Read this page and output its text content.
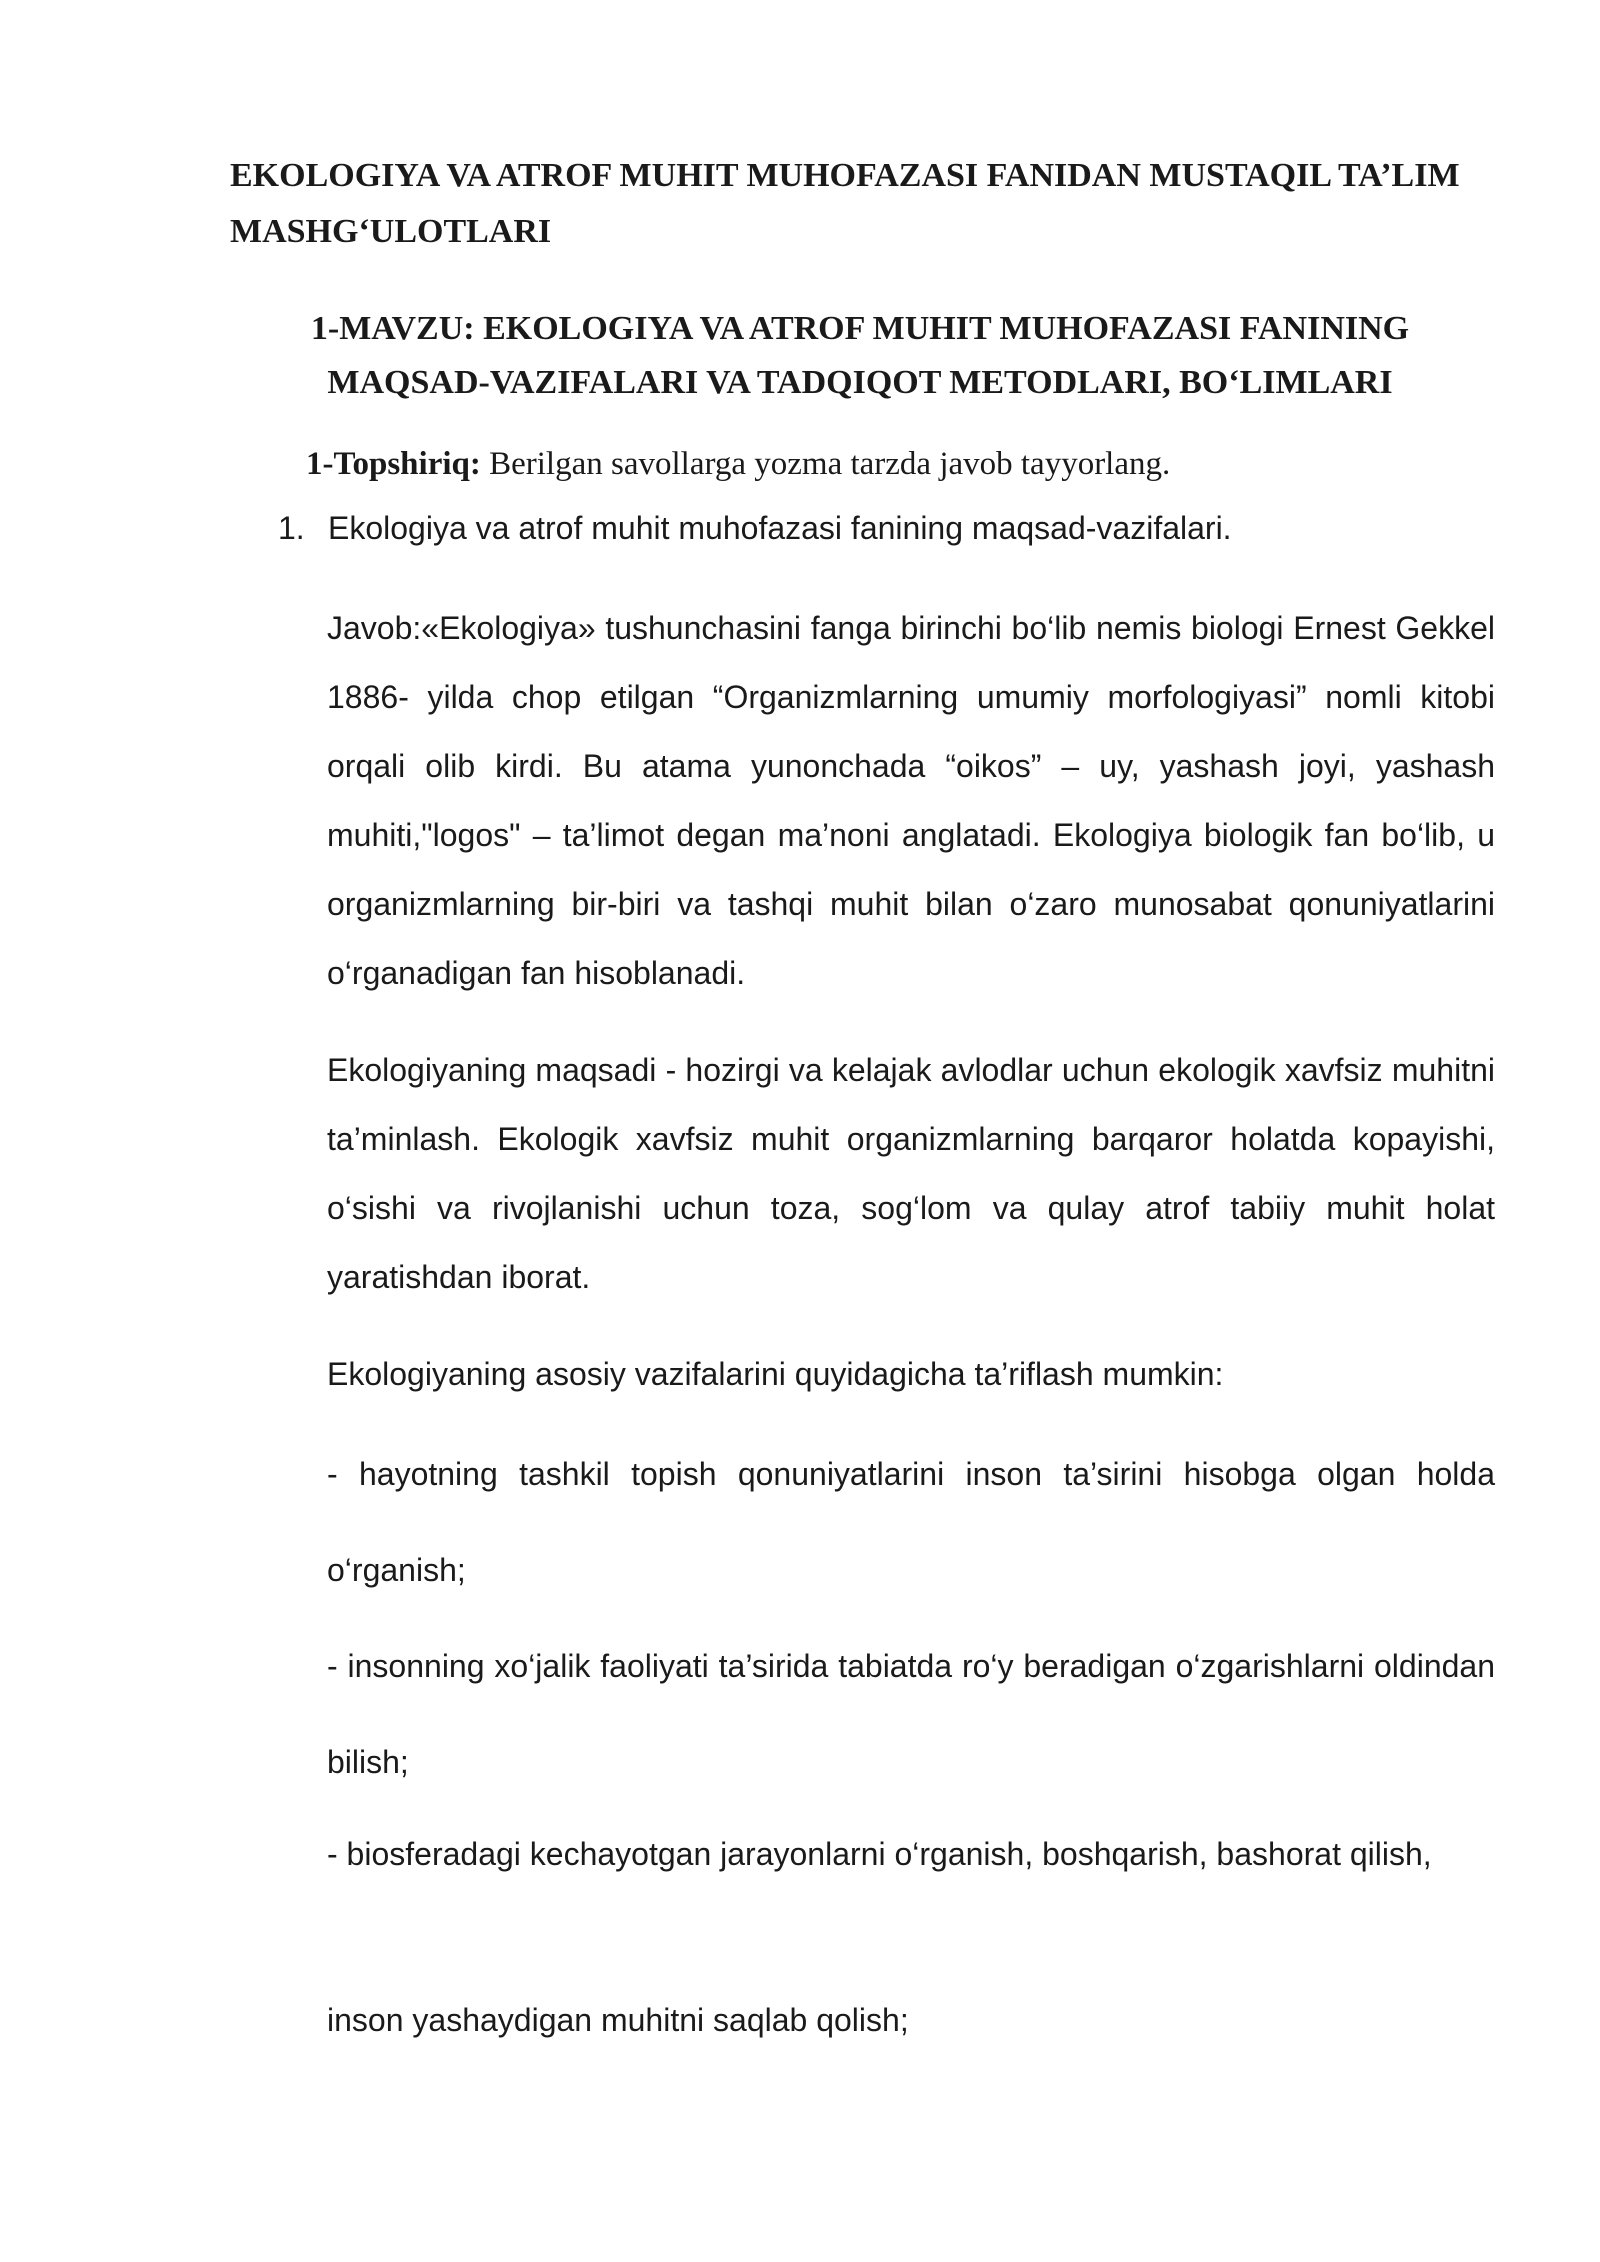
EKOLOGIYA VA ATROF MUHIT MUHOFAZASI FANIDAN MUSTAQIL TA’LIM MASHG‘ULOTLARI
1-MAVZU: EKOLOGIYA VA ATROF MUHIT MUHOFAZASI FANINING MAQSAD-VAZIFALARI VA TADQIQOT METODLARI, BO‘LIMLARI

1-Topshiriq: Berilgan savollarga yozma tarzda javob tayyorlang.

1. Ekologiya va atrof muhit muhofazasi fanining maqsad-vazifalari.

Javob:«Ekologiya» tushunchasini fanga birinchi bo‘lib nemis biologi Ernest Gekkel 1886- yilda chop etilgan “Organizmlarning umumiy morfologiyasi” nomli kitobi orqali olib kirdi. Bu atama yunonchada “oikos” – uy, yashash joyi, yashash muhiti,"logos" – ta’limot degan ma’noni anglatadi. Ekologiya biologik fan bo‘lib, u organizmlarning bir-biri va tashqi muhit bilan o‘zaro munosabat qonuniyatlarini o‘rganadigan fan hisoblanadi.

Ekologiyaning maqsadi - hozirgi va kelajak avlodlar uchun ekologik xavfsiz muhitni ta’minlash. Ekologik xavfsiz muhit organizmlarning barqaror holatda kopayishi, o‘sishi va rivojlanishi uchun toza, sog‘lom va qulay atrof tabiiy muhit holat yaratishdan iborat.

Ekologiyaning asosiy vazifalarini quyidagicha ta’riflash mumkin:

- hayotning tashkil topish qonuniyatlarini inson ta’sirini hisobga olgan holda o‘rganish;

- insonning xo‘jalik faoliyati ta’sirida tabiatda ro‘y beradigan o‘zgarishlarni oldindan bilish;

- biosferadagi kechayotgan jarayonlarni o‘rganish, boshqarish, bashorat qilish,

inson yashaydigan muhitni saqlab qolish;
